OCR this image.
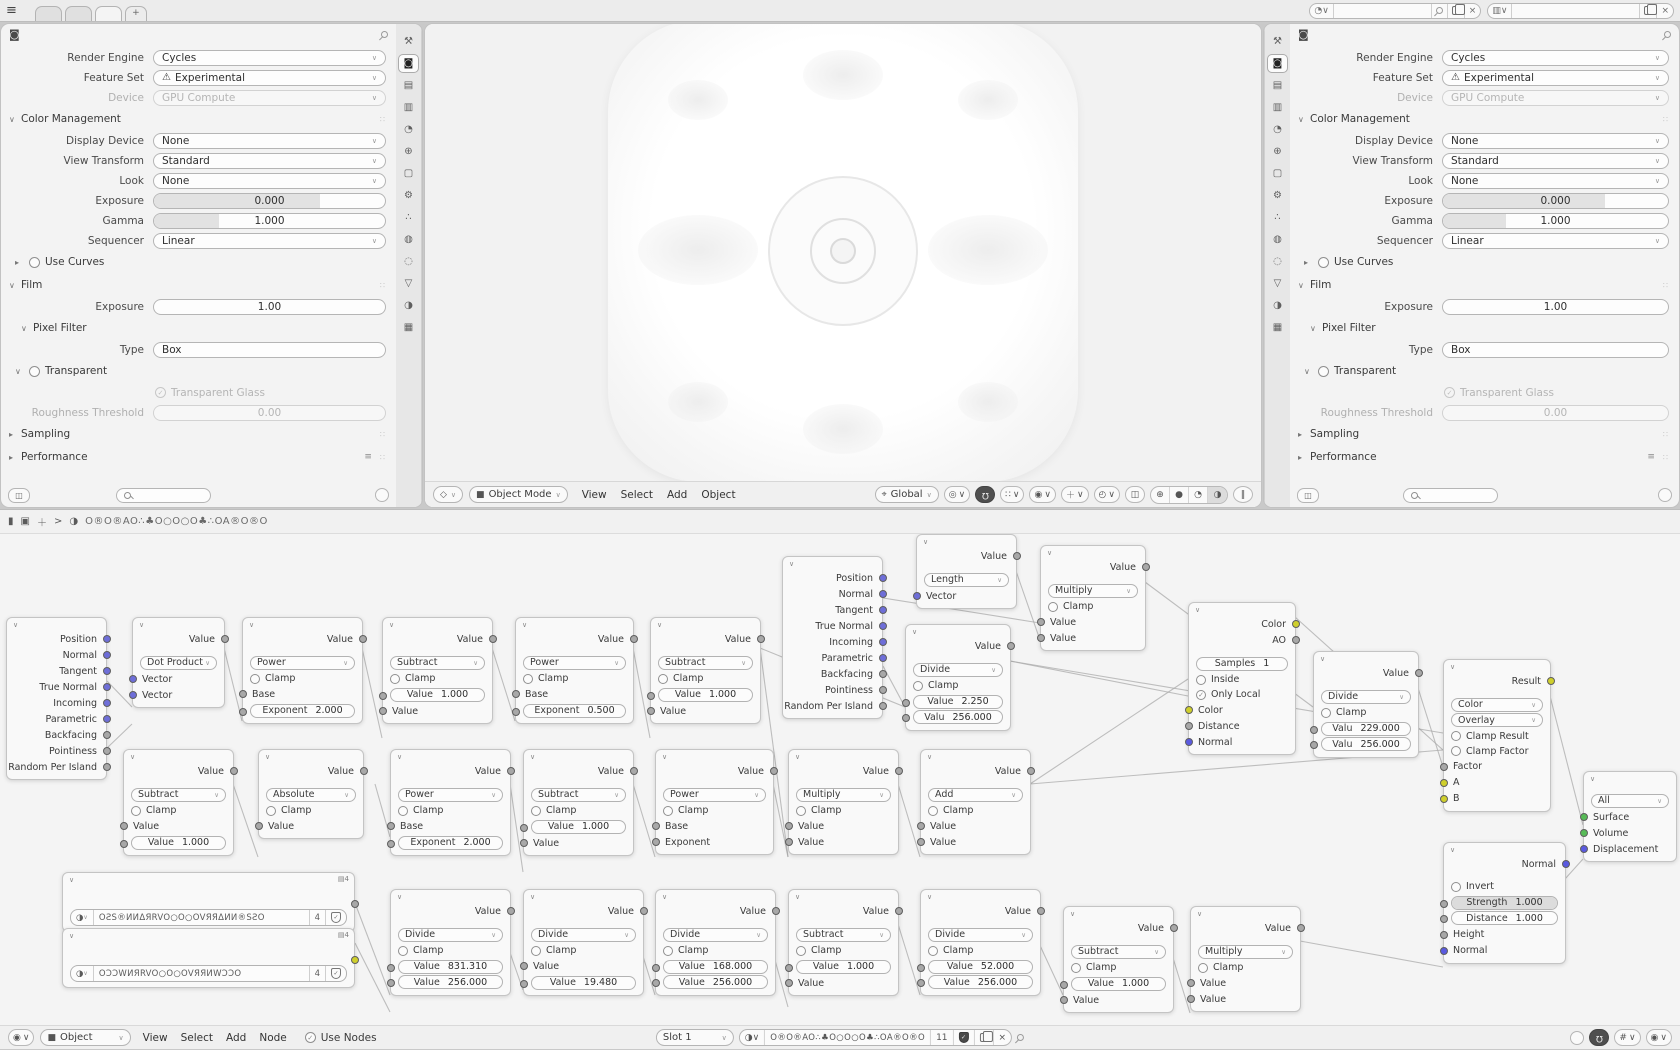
≡	+	◔ ∨	×	▥ ∨	×
◙
Render Engine	Cycles	∨
Feature Set	⚠ Experimental	∨
Device	GPU Compute	∨
∨ Color Management	∷
Display Device	None	∨
View Transform	Standard	∨
Look	None	∨
Exposure	0.000
Gamma	1.000
Sequencer	Linear	∨
▸	Use Curves
∨ Film	∷
Exposure	1.00
∨ Pixel Filter
Type	Box
∨	Transparent
✓ Transparent Glass
Roughness Threshold	0.00
▸ Sampling	∷
▸ Performance	≡ ∷
◫
⚒
◙
▤
▥
◔
⊕
▢
⚙
∴
◍
◌
▽
◑
▦
◇ ∨ ■ Object Mode ∨ View Select Add Object	⌖ Global ∨	◎ ∨ Ω	∷ ∨	◉ ∨	＋ ∨	◴ ∨	◫	⊕	●	◔	◑	‖
⚒
◙
▤
▥
◔
⊕
▢
⚙
∴
◍
◌
▽
◑
▦
◙
Render Engine	Cycles	∨
Feature Set	⚠ Experimental	∨
Device	GPU Compute	∨
∨ Color Management	∷
Display Device	None	∨
View Transform	Standard	∨
Look	None	∨
Exposure	0.000
Gamma	1.000
Sequencer	Linear	∨
▸	Use Curves
∨ Film	∷
Exposure	1.00
∨ Pixel Filter
Type	Box
∨	Transparent
✓ Transparent Glass
Roughness Threshold	0.00
▸ Sampling	∷
▸ Performance	≡ ∷
◫
▮ ▣ ＋ > ◑ O®O®AO∴♣O○O○O♣∴OA®O®O
∨
Position
Normal
Tangent
True Normal
Incoming
Parametric
Backfacing
Pointiness
Random Per Island
∨
Value
Dot Product ∨
Vector
Vector
∨
Value
Power	∨
Clamp
Base
Exponent 2.000
∨
Value
Subtract	∨
Clamp
Value 1.000
Value
∨
Value
Power	∨
Clamp
Base
Exponent 0.500
∨
Value
Subtract	∨
Clamp
Value 1.000
Value
∨
Position
Normal
Tangent
True Normal
Incoming
Parametric
Backfacing
Pointiness
Random Per Island
∨
Value
Length	∨
Vector
∨
Value
Multiply	∨
Clamp
Value
Value
∨
Value
Divide	∨
Clamp
Value 2.250
Valu 256.000
∨
Color
AO
Samples 1
Inside
✓ Only Local
Color
Distance
Normal
∨
Value
Divide	∨
Clamp
Valu 229.000
Valu 256.000
∨
Result
Color	∨
Overlay	∨
Clamp Result
Clamp Factor
Factor
A
B
∨
All	∨
Surface
Volume
Displacement
∨
Normal
Invert
Strength 1.000
Distance 1.000
Height
Normal
∨
Value
Subtract	∨
Clamp
Value
Value 1.000
∨
Value
Absolute	∨
Clamp
Value
∨
Value
Power	∨
Clamp
Base
Exponent 2.000
∨
Value
Subtract	∨
Clamp
Value 1.000
Value
∨
Value
Power	∨
Clamp
Base
Exponent
∨
Value
Multiply	∨
Clamp
Value
Value
∨
Value
Add	∨
Clamp
Value
Value
∨	▤4
◑ ∨	OƧS®ИИΔЯRVO○O○OVЯЯΔИИ®SƧO	4	✓
∨	▤4
◑ ∨	OƆƆWИЯRVO○O○OVЯЯИWƆƆO	4	✓
∨
Value
Divide	∨
Clamp
Value 831.310
Value 256.000
∨
Value
Divide	∨
Clamp
Value
Value 19.480
∨
Value
Divide	∨
Clamp
Value 168.000
Value 256.000
∨
Value
Subtract	∨
Clamp
Value 1.000
Value
∨
Value
Divide	∨
Clamp
Value 52.000
Value 256.000
∨
Value
Subtract	∨
Clamp
Value 1.000
Value
∨
Value
Multiply	∨
Clamp
Value
Value
◉ ∨ ■ Object	∨ View Select Add Node	✓ Use Nodes	Slot 1	∨	◑ ∨	O®O®AO∴♣O○O○O♣∴OA®O®O	11	✓	×	Ω	# ∨	◉ ∨
